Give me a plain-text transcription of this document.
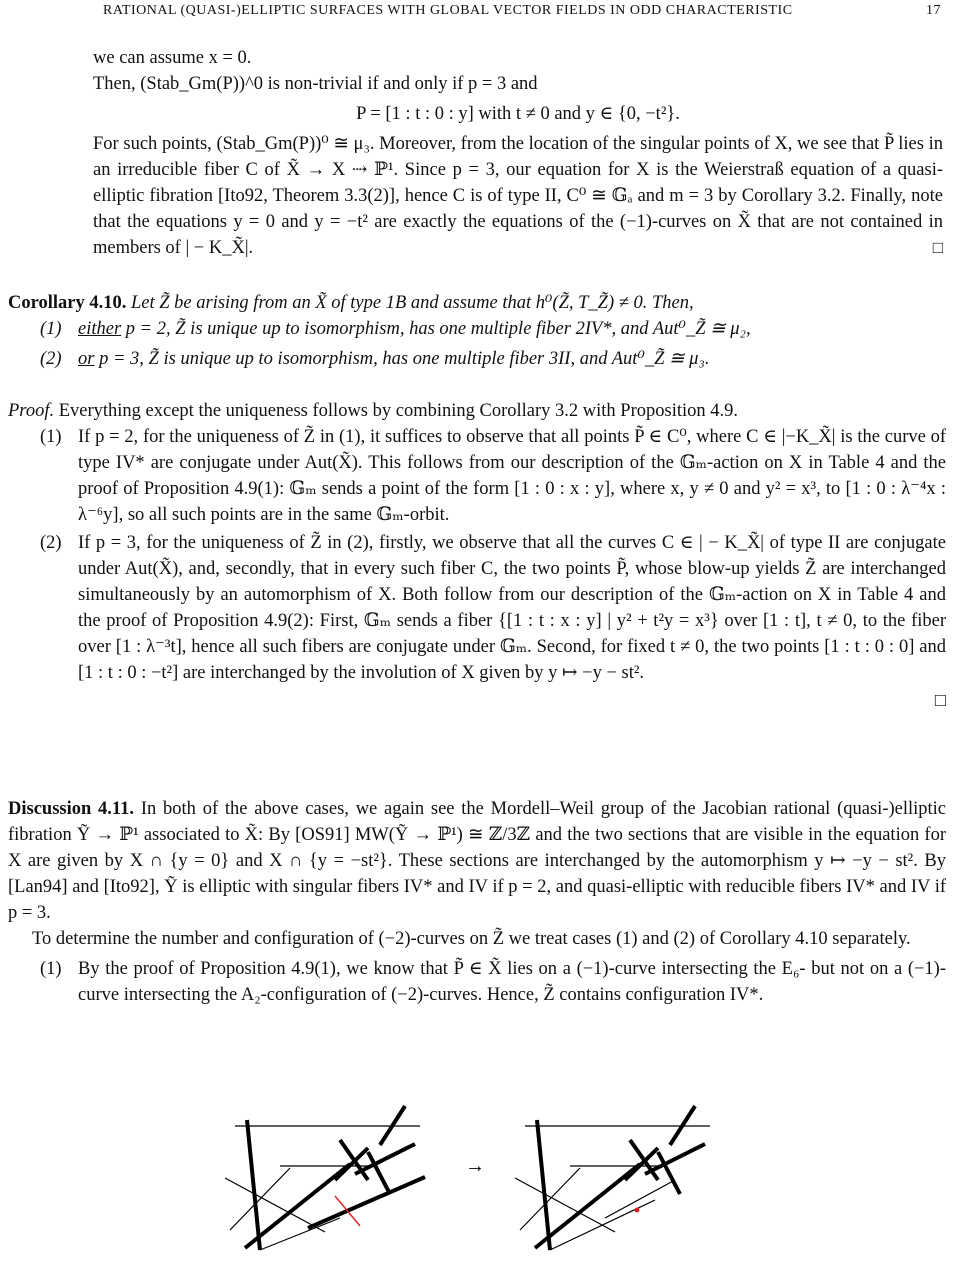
RATIONAL (QUASI-)ELLIPTIC SURFACES WITH GLOBAL VECTOR FIELDS IN ODD CHARACTERISTIC	17

we can assume x = 0.

Then, (Stab_Gm(P))^0 is non-trivial if and only if p = 3 and

P = [1 : t : 0 : y] with t ≠ 0 and y ∈ {0, −t²}.

For such points, (Stab_Gm(P))⁰ ≅ μ₃. Moreover, from the location of the singular points of X, we see that P̃ lies in an irreducible fiber C of X̃ → X ⇢ ℙ¹. Since p = 3, our equation for X is the Weierstraß equation of a quasi-elliptic fibration [Ito92, Theorem 3.3(2)], hence C is of type II, C⁰ ≅ 𝔾ₐ and m = 3 by Corollary 3.2. Finally, note that the equations y = 0 and y = −t² are exactly the equations of the (−1)-curves on X̃ that are not contained in members of | − K_X̃|.	□

Corollary 4.10. Let Z̃ be arising from an X̃ of type 1B and assume that h⁰(Z̃, T_Z̃) ≠ 0. Then,

(1) either p = 2, Z̃ is unique up to isomorphism, has one multiple fiber 2IV*, and Aut⁰_Z̃ ≅ μ₂,
(2) or p = 3, Z̃ is unique up to isomorphism, has one multiple fiber 3II, and Aut⁰_Z̃ ≅ μ₃.

Proof. Everything except the uniqueness follows by combining Corollary 3.2 with Proposition 4.9.

(1) If p = 2, for the uniqueness of Z̃ in (1), it suffices to observe that all points P̃ ∈ C⁰, where C ∈ |−K_X̃| is the curve of type IV* are conjugate under Aut(X̃). This follows from our description of the 𝔾ₘ-action on X in Table 4 and the proof of Proposition 4.9(1): 𝔾ₘ sends a point of the form [1 : 0 : x : y], where x, y ≠ 0 and y² = x³, to [1 : 0 : λ⁻⁴x : λ⁻⁶y], so all such points are in the same 𝔾ₘ-orbit.
(2) If p = 3, for the uniqueness of Z̃ in (2), firstly, we observe that all the curves C ∈ | − K_X̃| of type II are conjugate under Aut(X̃), and, secondly, that in every such fiber C, the two points P̃, whose blow-up yields Z̃ are interchanged simultaneously by an automorphism of X. Both follow from our description of the 𝔾ₘ-action on X in Table 4 and the proof of Proposition 4.9(2): First, 𝔾ₘ sends a fiber {[1 : t : x : y] | y² + t²y = x³} over [1 : t], t ≠ 0, to the fiber over [1 : λ⁻³t], hence all such fibers are conjugate under 𝔾ₘ. Second, for fixed t ≠ 0, the two points [1 : t : 0 : 0] and [1 : t : 0 : −t²] are interchanged by the involution of X given by y ↦ −y − st².
□

Discussion 4.11. In both of the above cases, we again see the Mordell–Weil group of the Jacobian rational (quasi-)elliptic fibration Ỹ → ℙ¹ associated to X̃: By [OS91] MW(Ỹ → ℙ¹) ≅ ℤ/3ℤ and the two sections that are visible in the equation for X are given by X ∩ {y = 0} and X ∩ {y = −st²}. These sections are interchanged by the automorphism y ↦ −y − st². By [Lan94] and [Ito92], Ỹ is elliptic with singular fibers IV* and IV if p = 2, and quasi-elliptic with reducible fibers IV* and IV if p = 3.

To determine the number and configuration of (−2)-curves on Z̃ we treat cases (1) and (2) of Corollary 4.10 separately.

(1) By the proof of Proposition 4.9(1), we know that P̃ ∈ X̃ lies on a (−1)-curve intersecting the E₆- but not on a (−1)-curve intersecting the A₂-configuration of (−2)-curves. Hence, Z̃ contains configuration IV*.
→
